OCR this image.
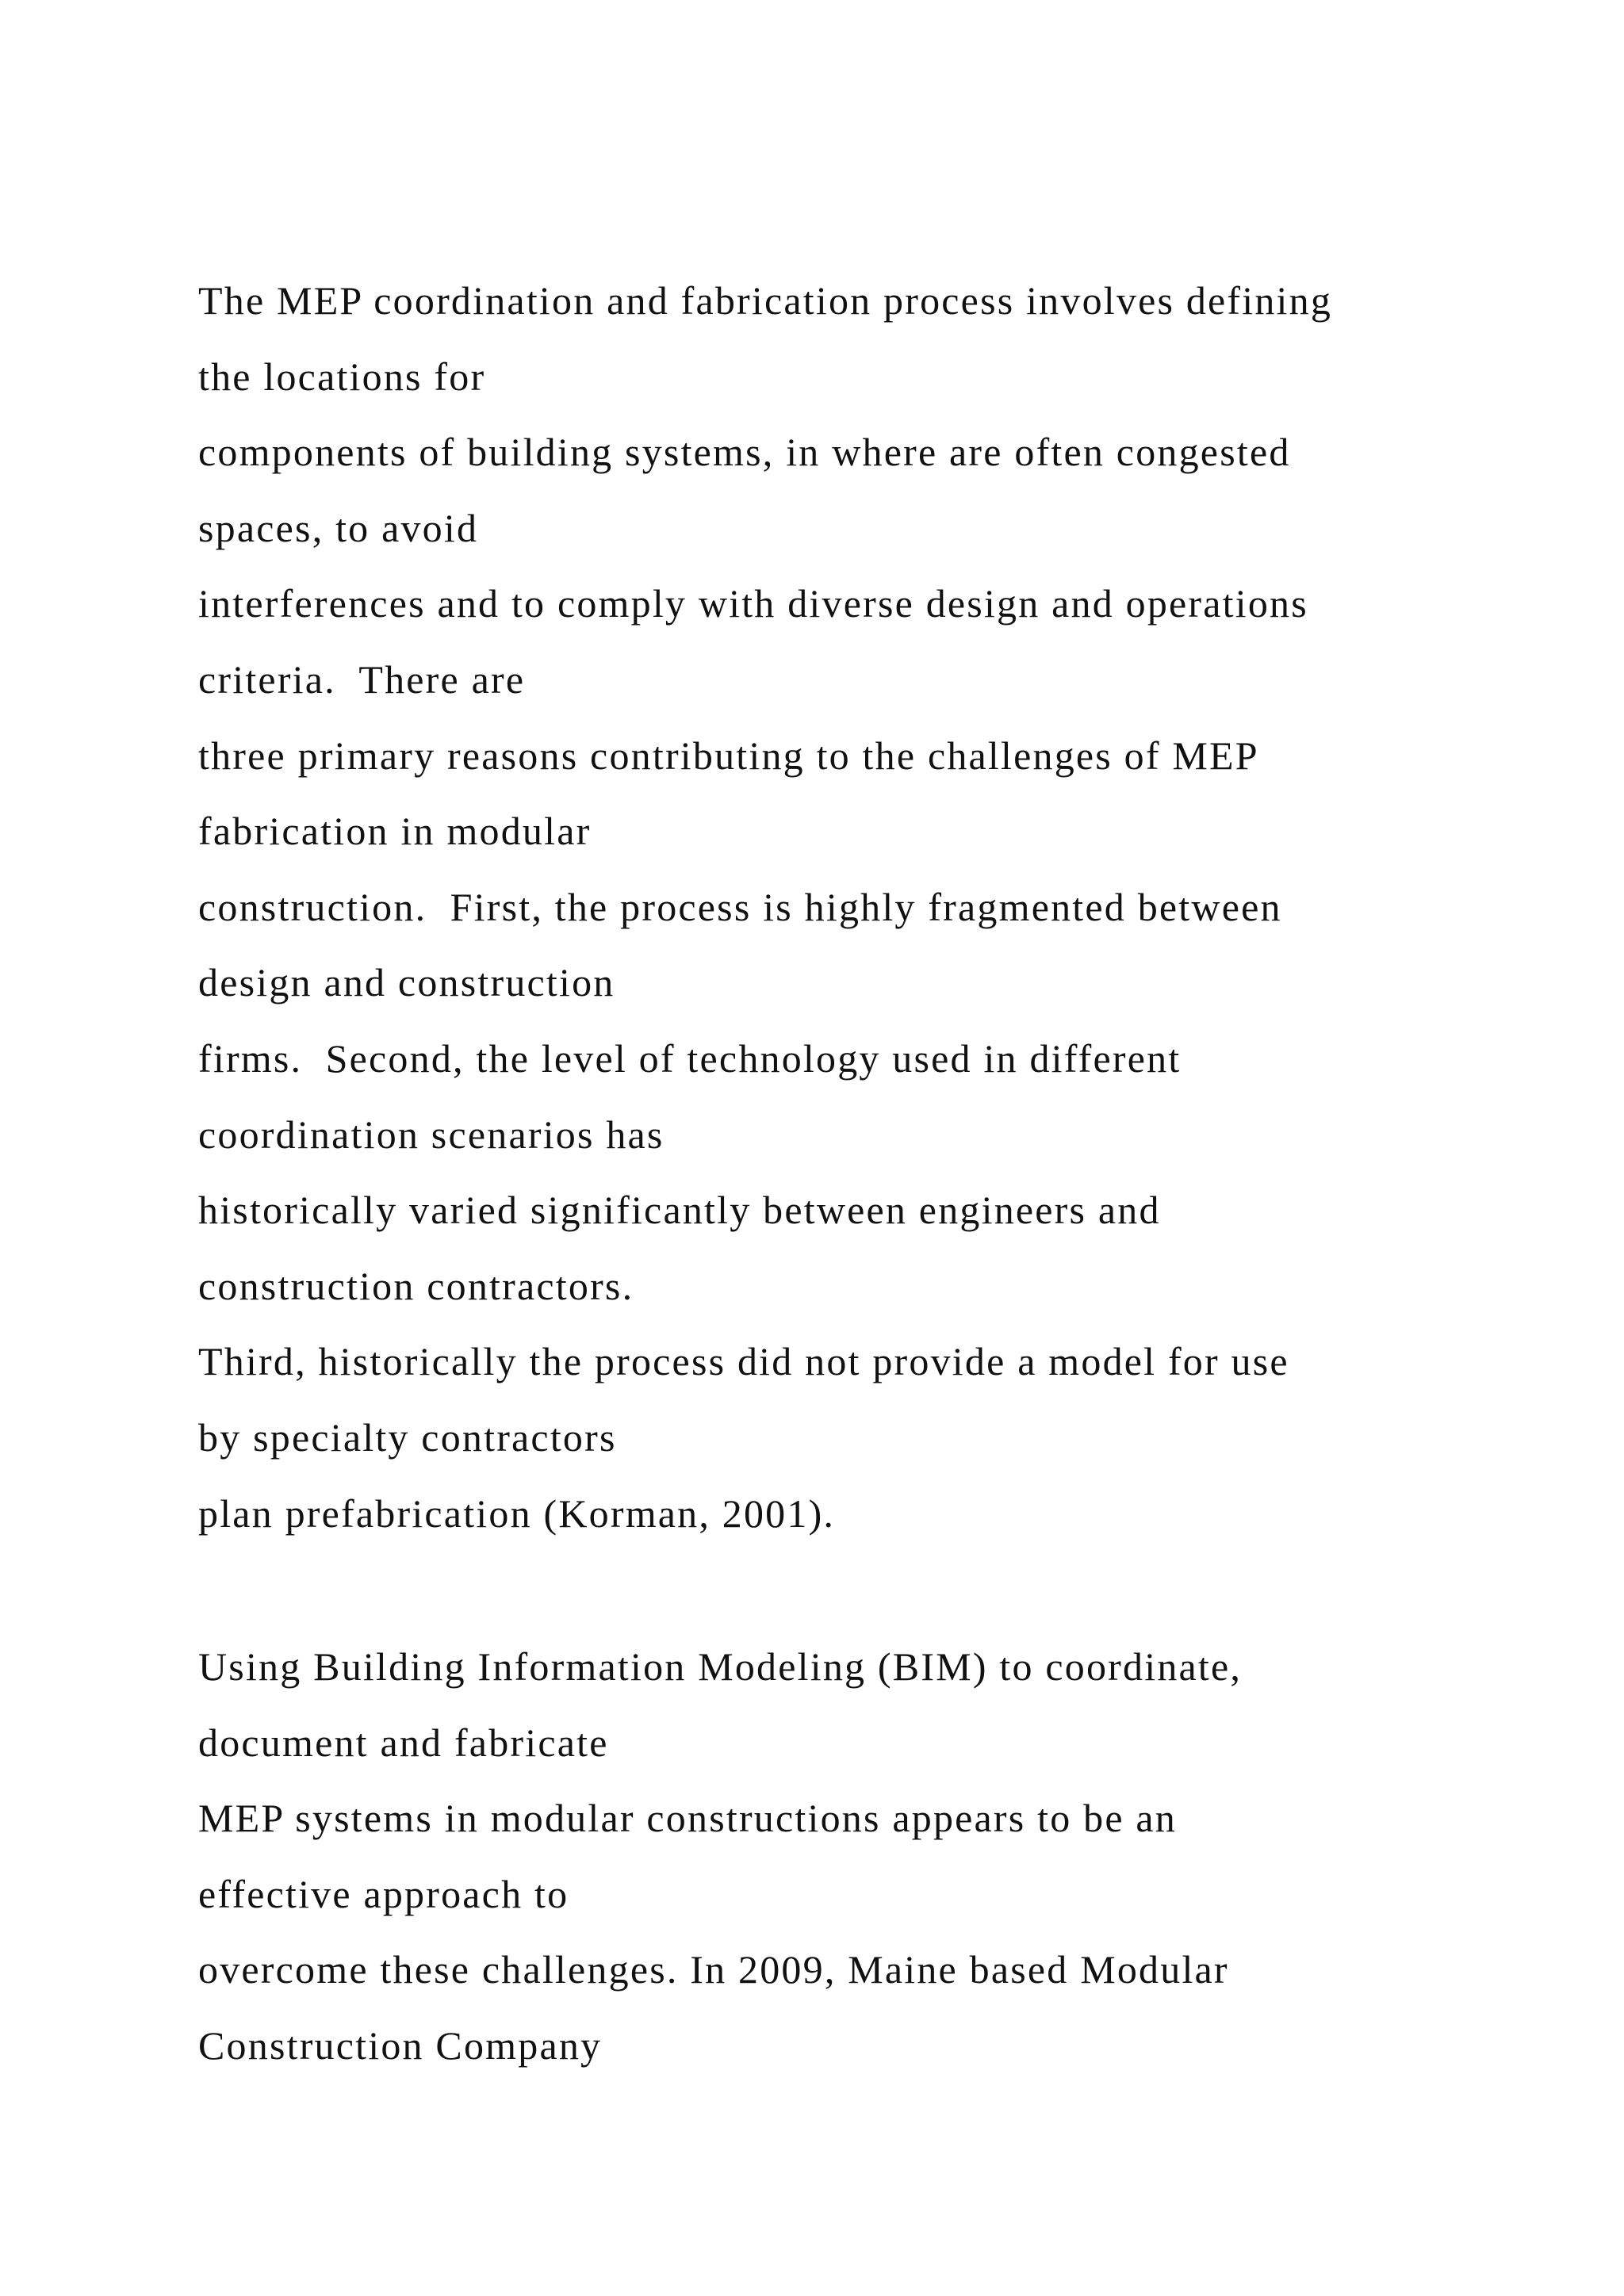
The MEP coordination and fabrication process involves defining
the locations for
components of building systems, in where are often congested
spaces, to avoid
interferences and to comply with diverse design and operations
criteria.  There are
three primary reasons contributing to the challenges of MEP
fabrication in modular
construction.  First, the process is highly fragmented between
design and construction
firms.  Second, the level of technology used in different
coordination scenarios has
historically varied significantly between engineers and
construction contractors.
Third, historically the process did not provide a model for use
by specialty contractors
plan prefabrication (Korman, 2001).
Using Building Information Modeling (BIM) to coordinate,
document and fabricate
MEP systems in modular constructions appears to be an
effective approach to
overcome these challenges. In 2009, Maine based Modular
Construction Company
